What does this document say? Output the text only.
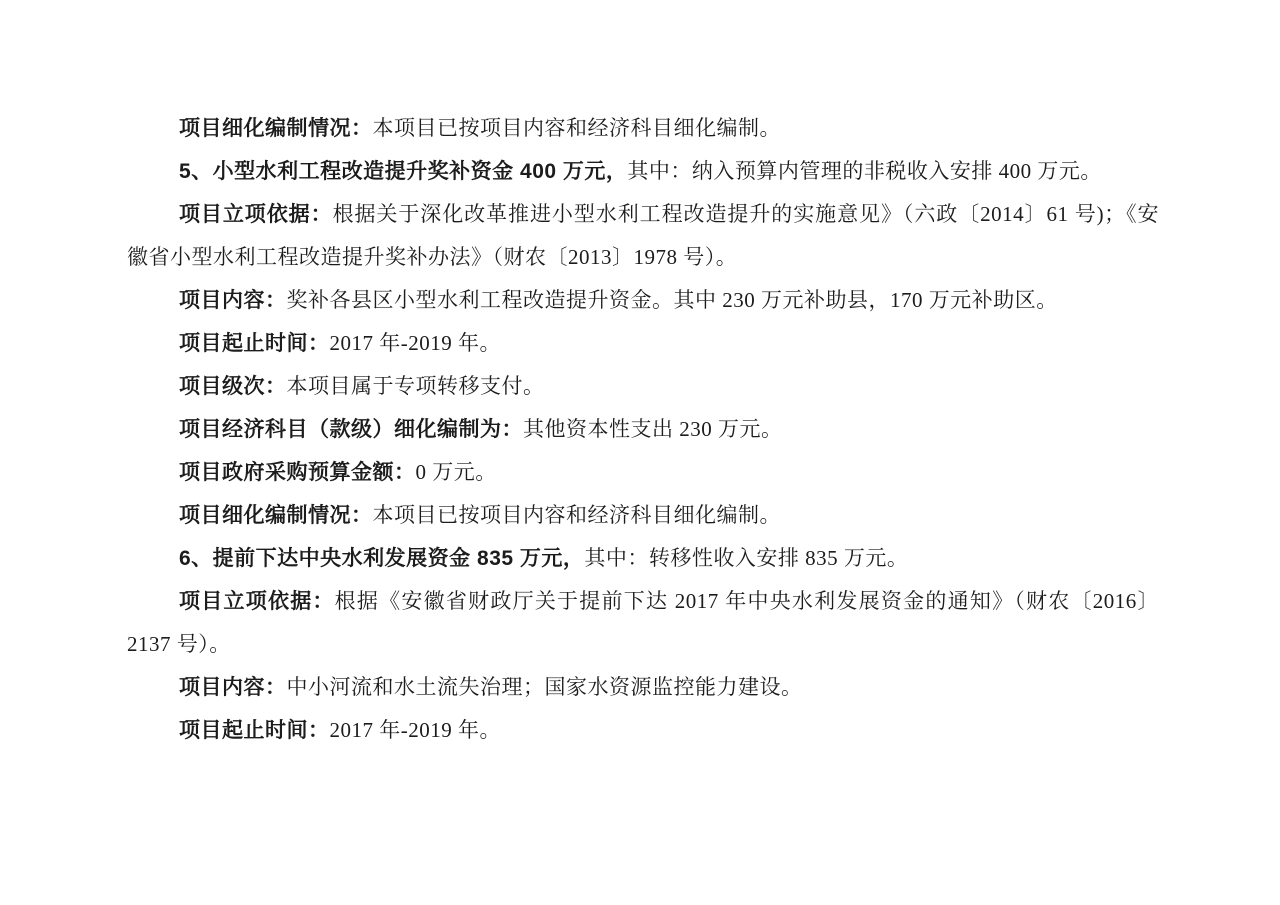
项目细化编制情况：本项目已按项目内容和经济科目细化编制。

5、小型水利工程改造提升奖补资金 400 万元，其中：纳入预算内管理的非税收入安排 400 万元。

项目立项依据：根据关于深化改革推进小型水利工程改造提升的实施意见》（六政〔2014〕61 号)；《安徽省小型水利工程改造提升奖补办法》（财农〔2013〕1978 号）。

项目内容：奖补各县区小型水利工程改造提升资金。其中 230 万元补助县，170 万元补助区。

项目起止时间：2017 年-2019 年。

项目级次：本项目属于专项转移支付。

项目经济科目（款级）细化编制为：其他资本性支出 230 万元。

项目政府采购预算金额：0 万元。

项目细化编制情况：本项目已按项目内容和经济科目细化编制。

6、提前下达中央水利发展资金 835 万元，其中：转移性收入安排 835 万元。

项目立项依据：根据《安徽省财政厅关于提前下达 2017 年中央水利发展资金的通知》（财农〔2016〕2137 号）。

项目内容：中小河流和水土流失治理；国家水资源监控能力建设。

项目起止时间：2017 年-2019 年。
